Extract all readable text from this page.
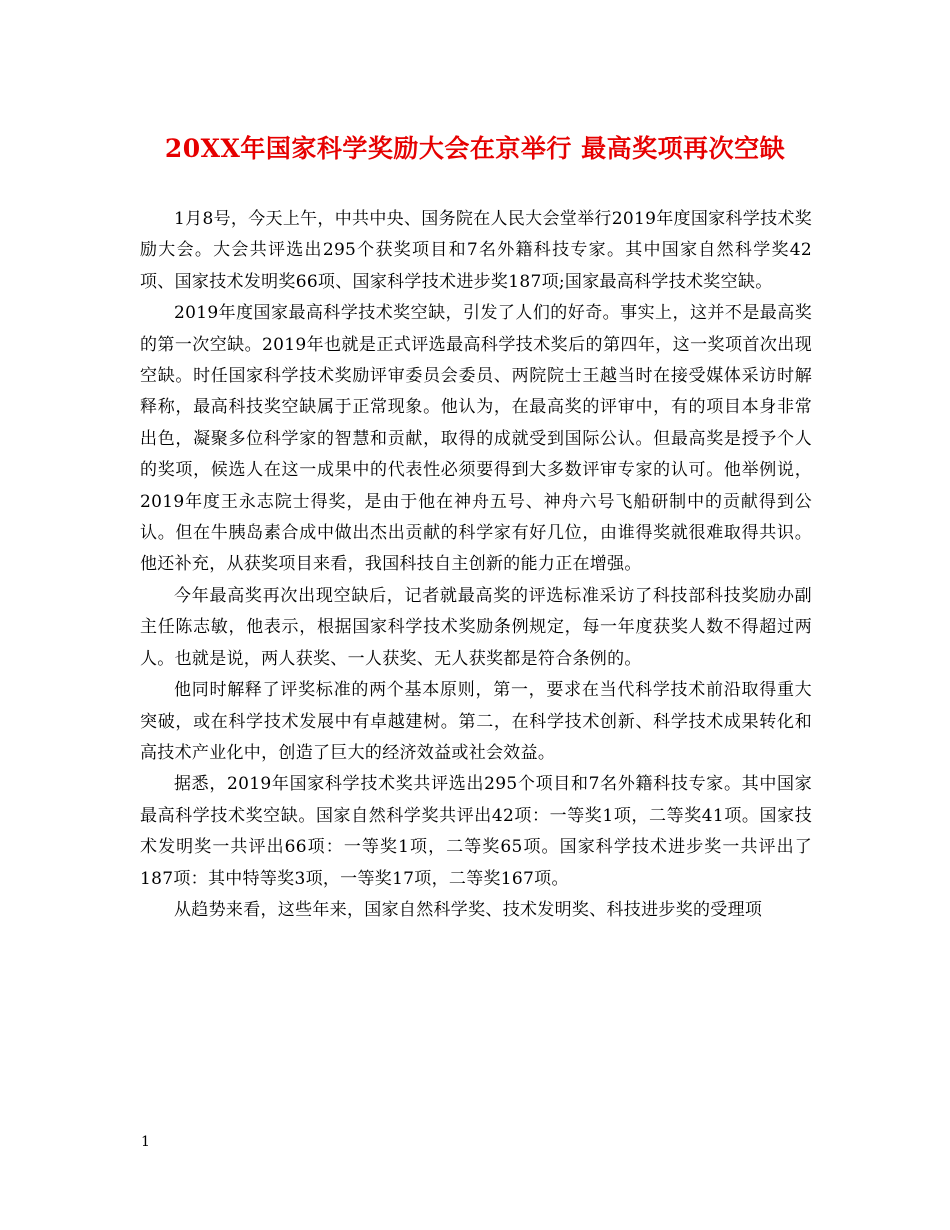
20XX年国家科学奖励大会在京举行 最高奖项再次空缺

1月8号，今天上午，中共中央、国务院在人民大会堂举行2019年度国家科学技术奖励大会。大会共评选出295个获奖项目和7名外籍科技专家。其中国家自然科学奖42项、国家技术发明奖66项、国家科学技术进步奖187项;国家最高科学技术奖空缺。

2019年度国家最高科学技术奖空缺，引发了人们的好奇。事实上，这并不是最高奖的第一次空缺。2019年也就是正式评选最高科学技术奖后的第四年，这一奖项首次出现空缺。时任国家科学技术奖励评审委员会委员、两院院士王越当时在接受媒体采访时解释称，最高科技奖空缺属于正常现象。他认为，在最高奖的评审中，有的项目本身非常出色，凝聚多位科学家的智慧和贡献，取得的成就受到国际公认。但最高奖是授予个人的奖项，候选人在这一成果中的代表性必须要得到大多数评审专家的认可。他举例说，2019年度王永志院士得奖，是由于他在神舟五号、神舟六号飞船研制中的贡献得到公认。但在牛胰岛素合成中做出杰出贡献的科学家有好几位，由谁得奖就很难取得共识。他还补充，从获奖项目来看，我国科技自主创新的能力正在增强。

今年最高奖再次出现空缺后，记者就最高奖的评选标准采访了科技部科技奖励办副主任陈志敏，他表示，根据国家科学技术奖励条例规定，每一年度获奖人数不得超过两人。也就是说，两人获奖、一人获奖、无人获奖都是符合条例的。

他同时解释了评奖标准的两个基本原则，第一，要求在当代科学技术前沿取得重大突破，或在科学技术发展中有卓越建树。第二，在科学技术创新、科学技术成果转化和高技术产业化中，创造了巨大的经济效益或社会效益。

据悉，2019年国家科学技术奖共评选出295个项目和7名外籍科技专家。其中国家最高科学技术奖空缺。国家自然科学奖共评出42项：一等奖1项，二等奖41项。国家技术发明奖一共评出66项：一等奖1项，二等奖65项。国家科学技术进步奖一共评出了187项：其中特等奖3项，一等奖17项，二等奖167项。

从趋势来看，这些年来，国家自然科学奖、技术发明奖、科技进步奖的受理项

1
